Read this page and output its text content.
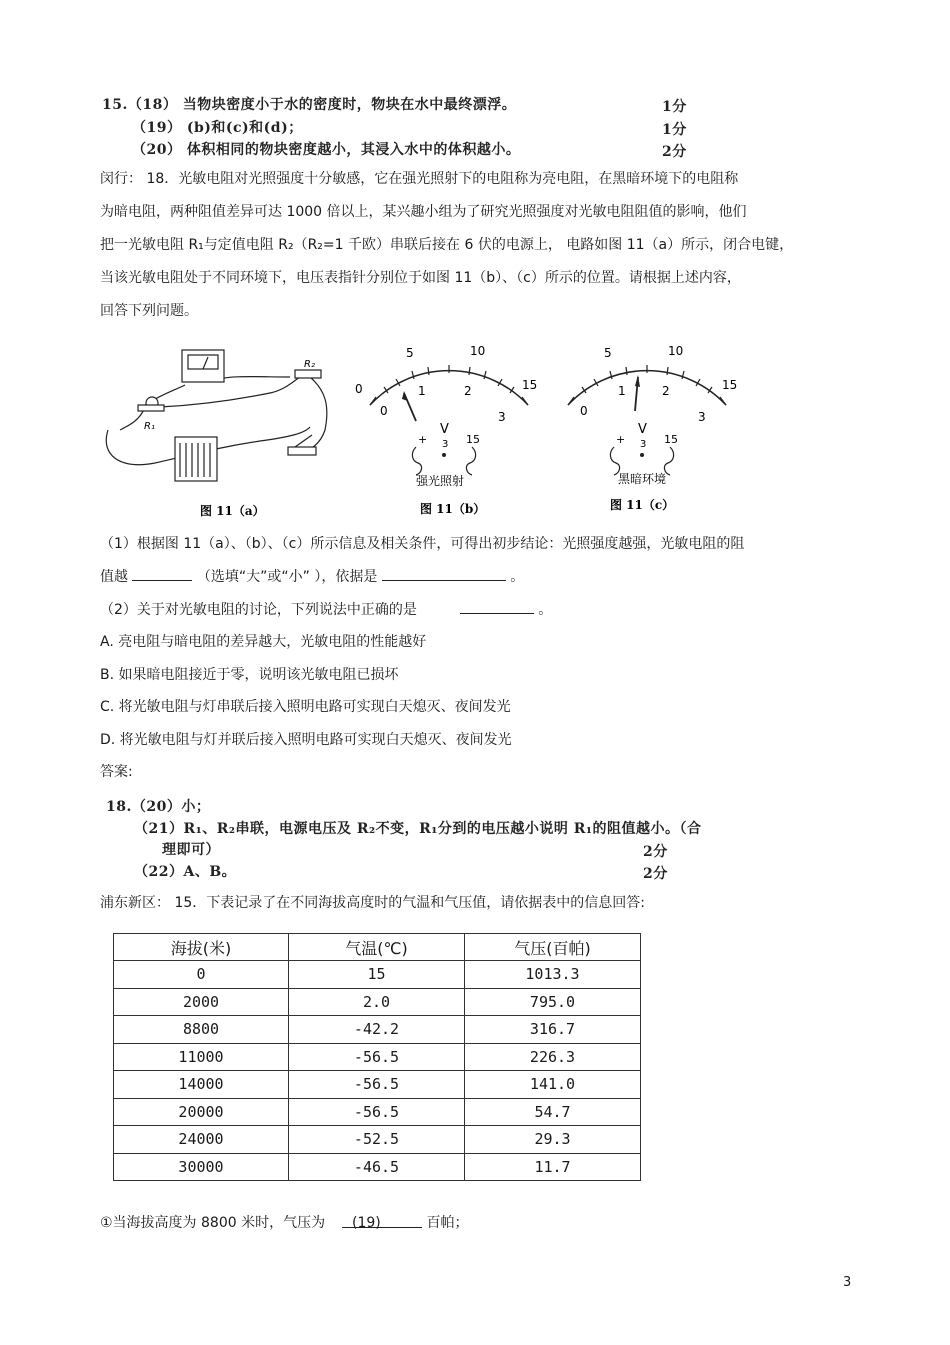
15.（18） 当物块密度小于水的密度时，物块在水中最终漂浮。	1分
（19） (b)和(c)和(d)；	1分
（20） 体积相同的物块密度越小，其浸入水中的体积越小。	2分
闵行： 18．光敏电阻对光照强度十分敏感，它在强光照射下的电阻称为亮电阻，在黑暗环境下的电阻称
为暗电阻，两种阻值差异可达 1000 倍以上，某兴趣小组为了研究光照强度对光敏电阻阻值的影响，他们
把一光敏电阻 R₁与定值电阻 R₂（R₂=1 千欧）串联后接在 6 伏的电源上， 电路如图 11（a）所示，闭合电键，
当该光敏电阻处于不同环境下，电压表指针分别位于如图 11（b）、（c）所示的位置。请根据上述内容，
回答下列问题。
R₁
R₂
图 11（a）
0
5	10
15
0
1	2
3
V
3 15
+
强光照射
图 11（b）
5	10
15
0
1	2
3
V
3 15
+
黑暗环境
图 11（c）
（1）根据图 11（a）、（b）、（c）所示信息及相关条件，可得出初步结论：光照强度越强，光敏电阻的阻
值越	（选填“大”或“小” ），依据是	。
（2）关于对光敏电阻的讨论，下列说法中正确的是	。
A. 亮电阻与暗电阻的差异越大，光敏电阻的性能越好
B. 如果暗电阻接近于零，说明该光敏电阻已损坏
C. 将光敏电阻与灯串联后接入照明电路可实现白天熄灭、夜间发光
D. 将光敏电阻与灯并联后接入照明电路可实现白天熄灭、夜间发光
答案:
18.（20）小；
（21）R₁、R₂串联，电源电压及 R₂不变，R₁分到的电压越小说明 R₁的阻值越小。（合
理即可）	2分
（22）A、B。	2分
浦东新区： 15．下表记录了在不同海拔高度时的气温和气压值，请依据表中的信息回答:
海拔(米)	气温(℃)	气压(百帕)
0	15	1013.3
2000	2.0	795.0
8800	-42.2	316.7
11000	-56.5	226.3
14000	-56.5	141.0
20000	-56.5	54.7
24000	-52.5	29.3
30000	-46.5	11.7
①当海拔高度为 8800 米时，气压为 (19)	百帕；
3
